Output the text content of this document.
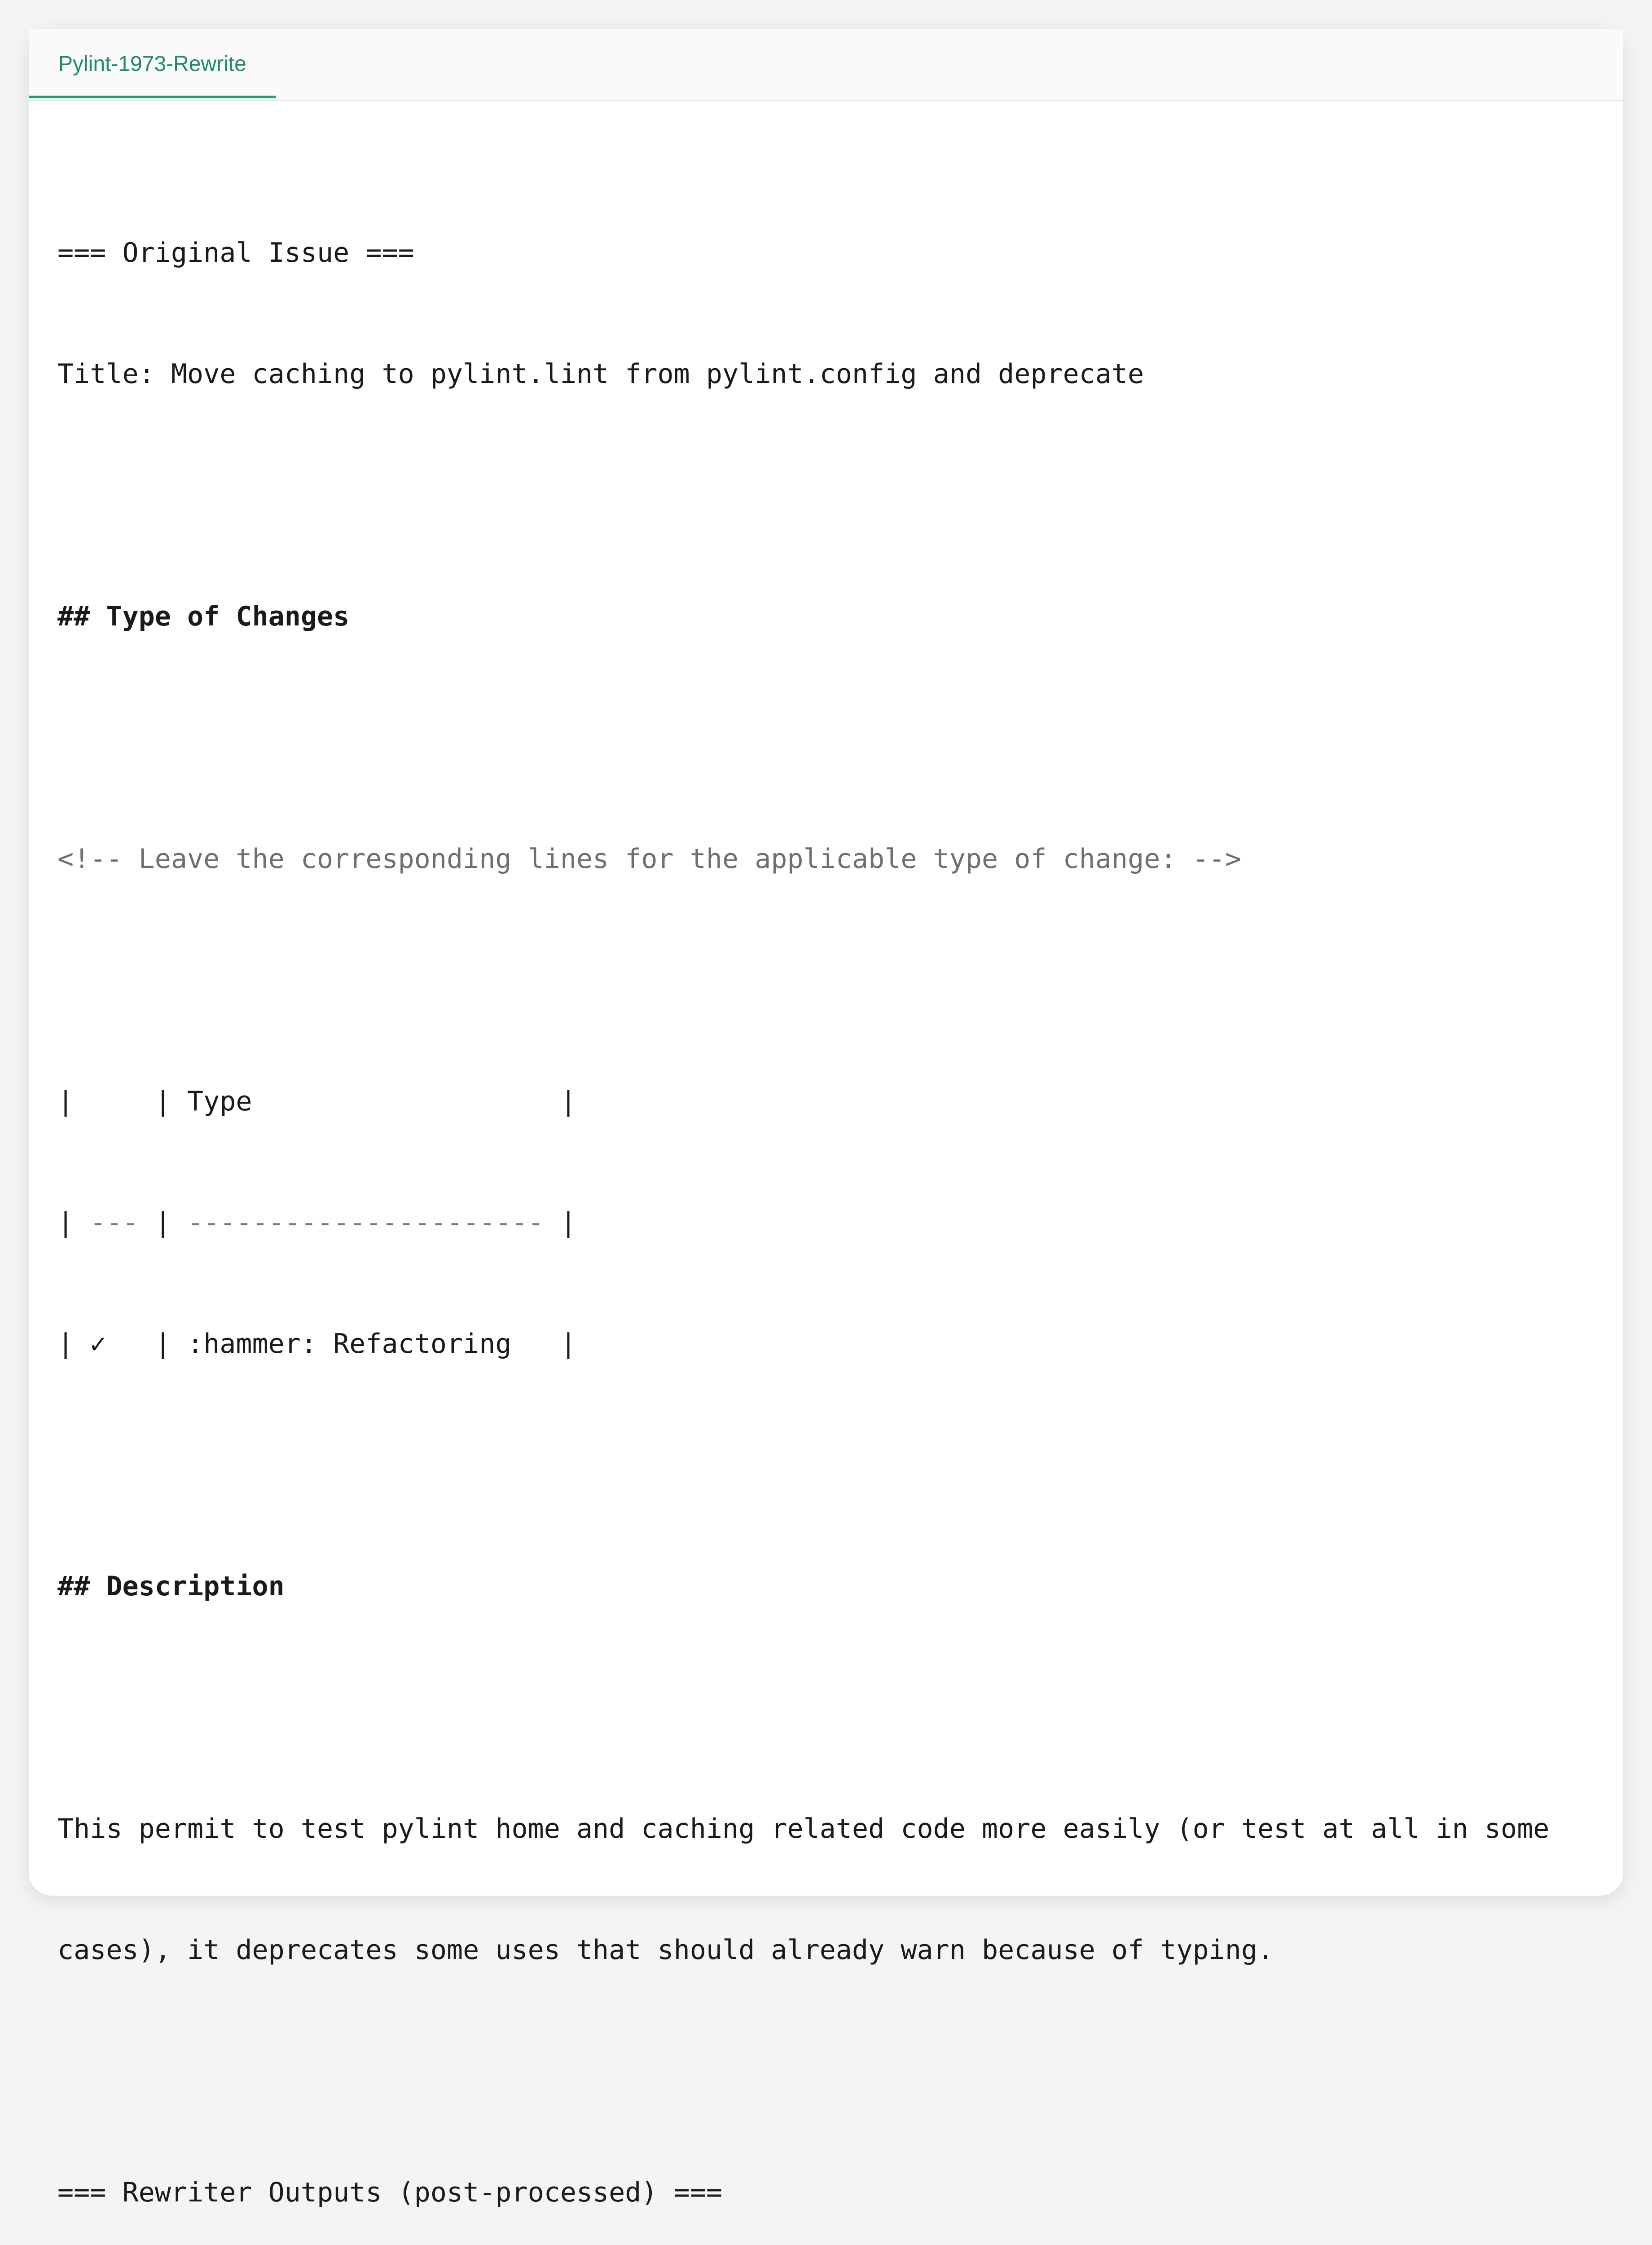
Pylint-1973-Rewrite

=== Original Issue ===

Title: Move caching to pylint.lint from pylint.config and deprecate

## Type of Changes

<!-- Leave the corresponding lines for the applicable type of change: -->

|     | Type                   |

| --- | ---------------------- |

| ✓   | :hammer: Refactoring   |

## Description

This permit to test pylint home and caching related code more easily (or test at all in some

cases), it deprecates some uses that should already warn because of typing.

=== Rewriter Outputs (post-processed) ===
